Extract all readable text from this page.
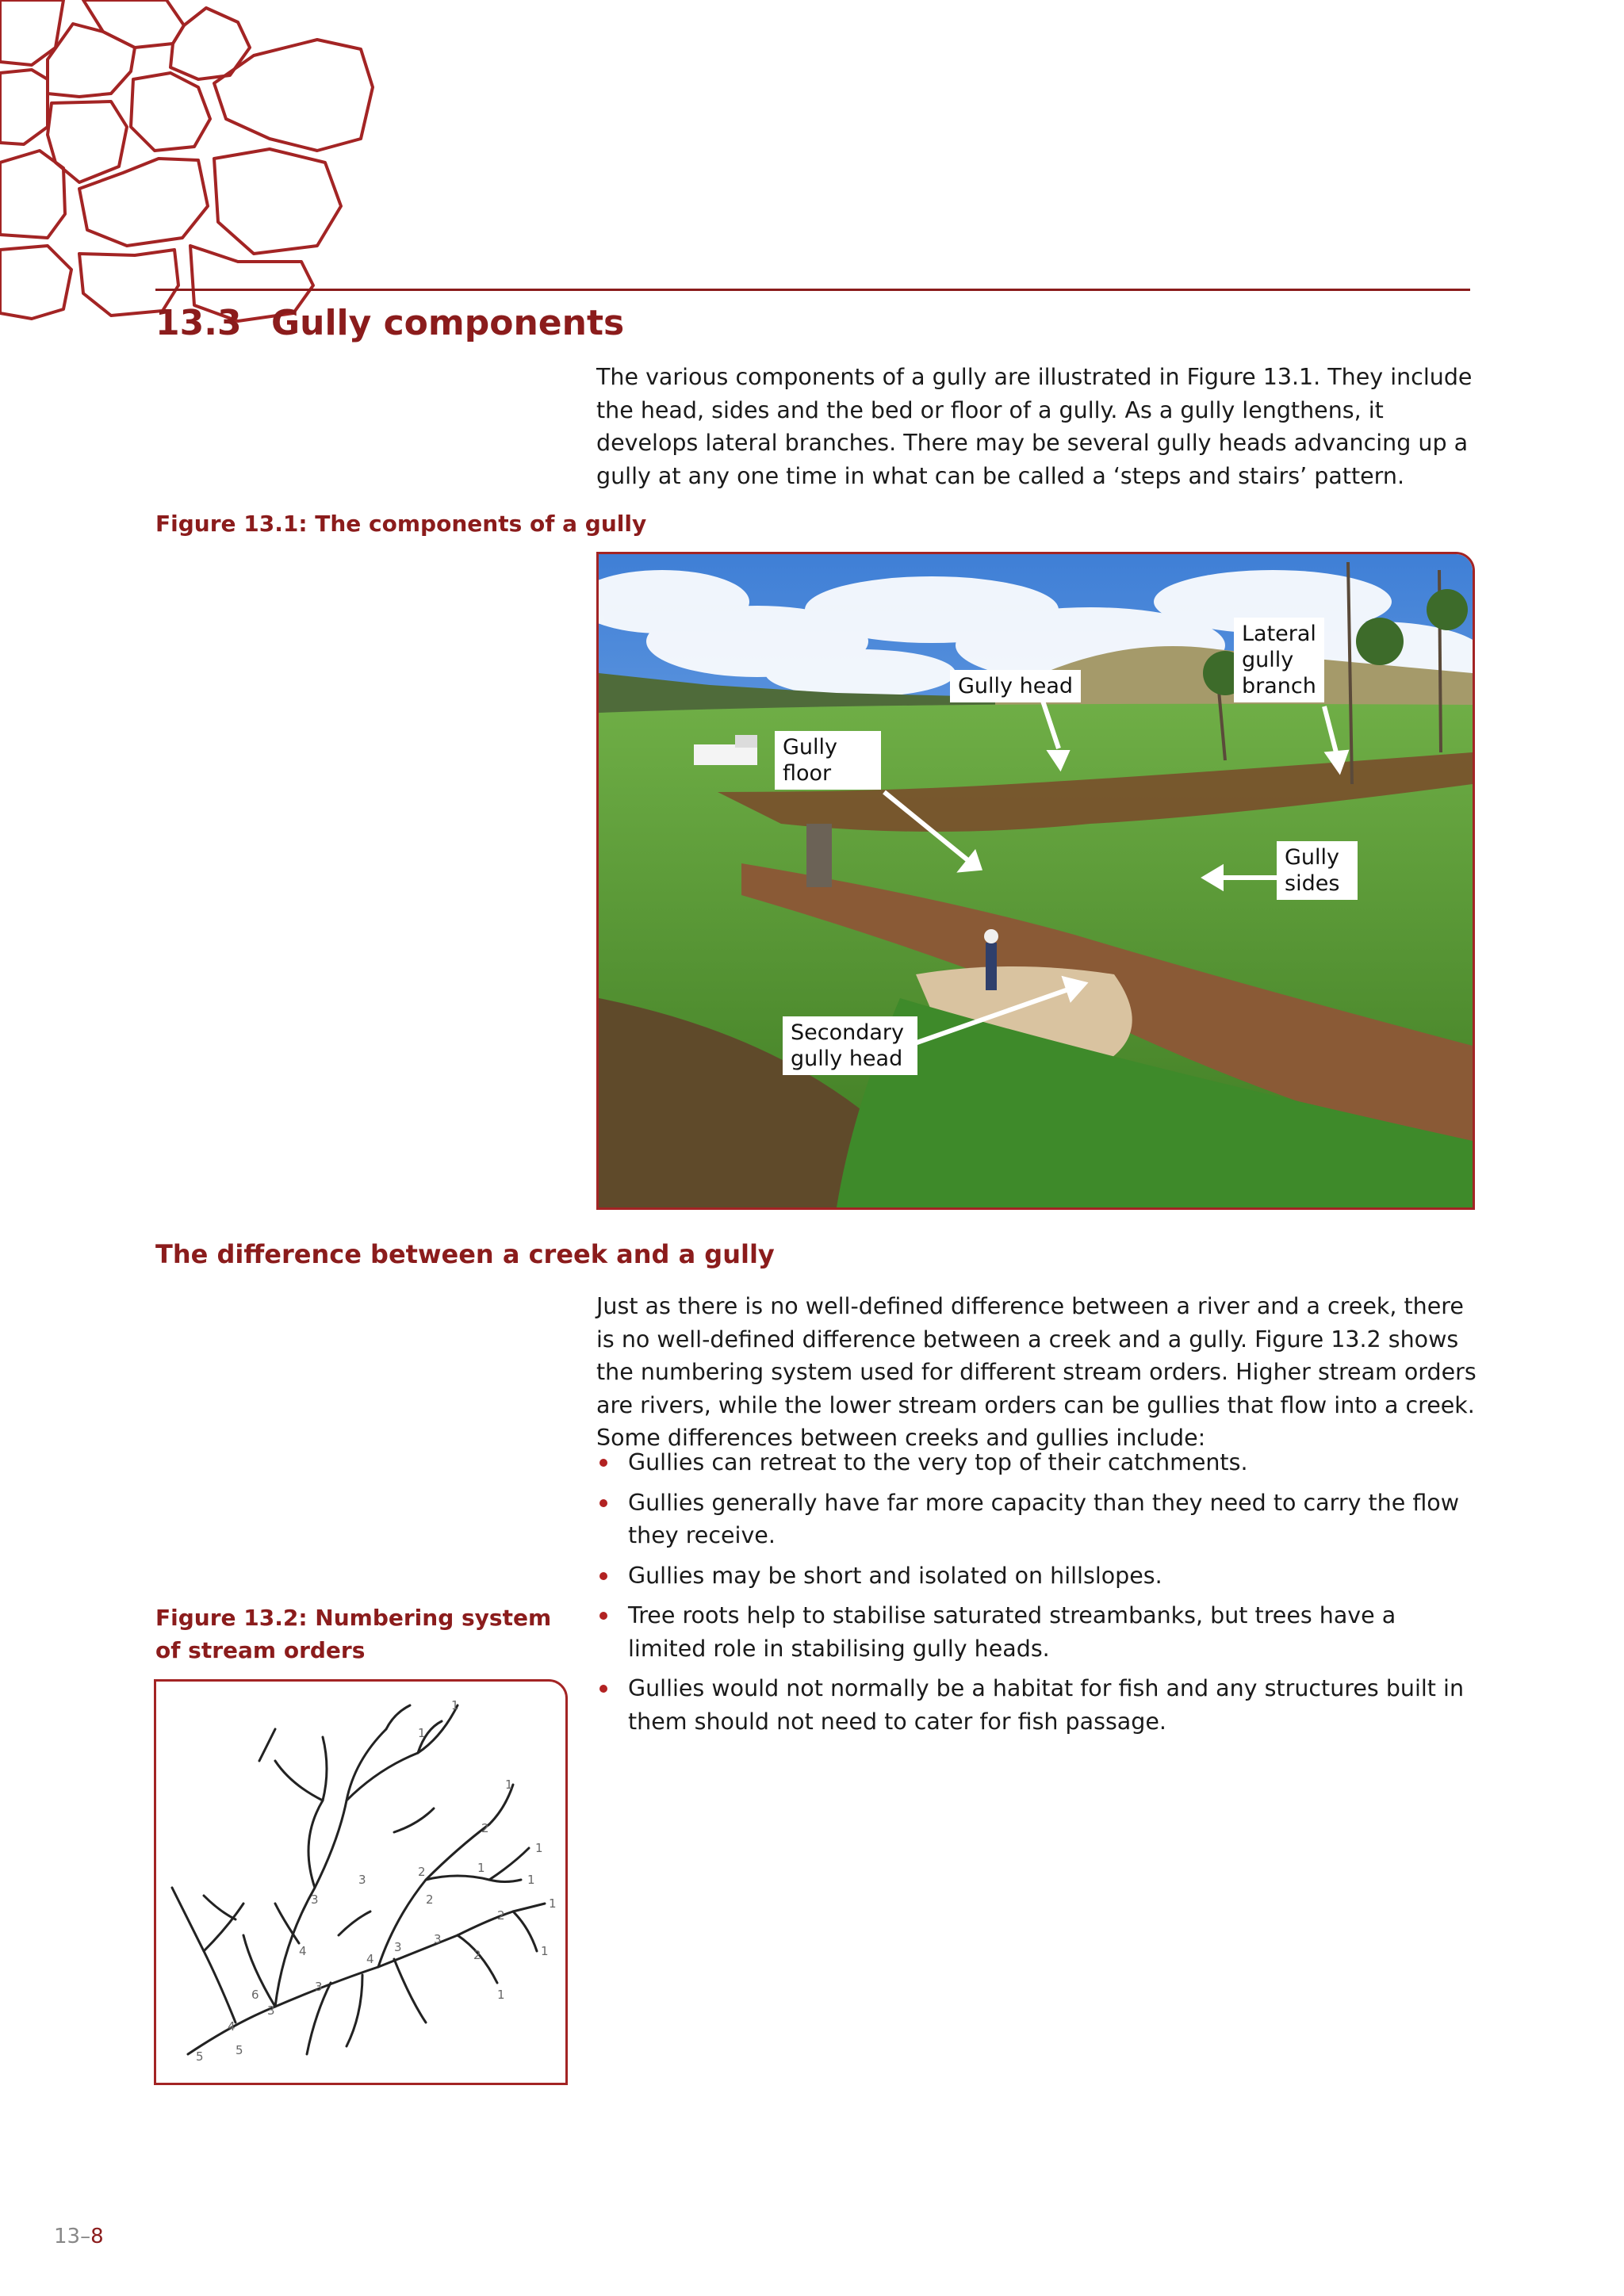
13.3 Gully components

The various components of a gully are illustrated in Figure 13.1. They include the head, sides and the bed or floor of a gully. As a gully lengthens, it develops lateral branches. There may be several gully heads advancing up a gully at any one time in what can be called a ‘steps and stairs’ pattern.

Figure 13.1: The components of a gully

Gully head
Lateral
gully
branch
Gully
floor
Gully
sides
Secondary
gully head
The difference between a creek and a gully

Just as there is no well-defined difference between a river and a creek, there is no well-defined difference between a creek and a gully. Figure 13.2 shows the numbering system used for different stream orders. Higher stream orders are rivers, while the lower stream orders can be gullies that flow into a creek. Some differences between creeks and gullies include:

Gullies can retreat to the very top of their catchments.
Gullies generally have far more capacity than they need to carry the flow they receive.
Gullies may be short and isolated on hillslopes.
Tree roots help to stabilise saturated streambanks, but trees have a limited role in stabilising gully heads.
Gullies would not normally be a habitat for fish and any structures built in them should not need to cater for fish passage.

Figure 13.2: Numbering system of stream orders

1
1
1
1
1
1
1
2
2
2
2
3
3
3
3
3
4
4
4
5	5
6
1
2
1
3
13–8
